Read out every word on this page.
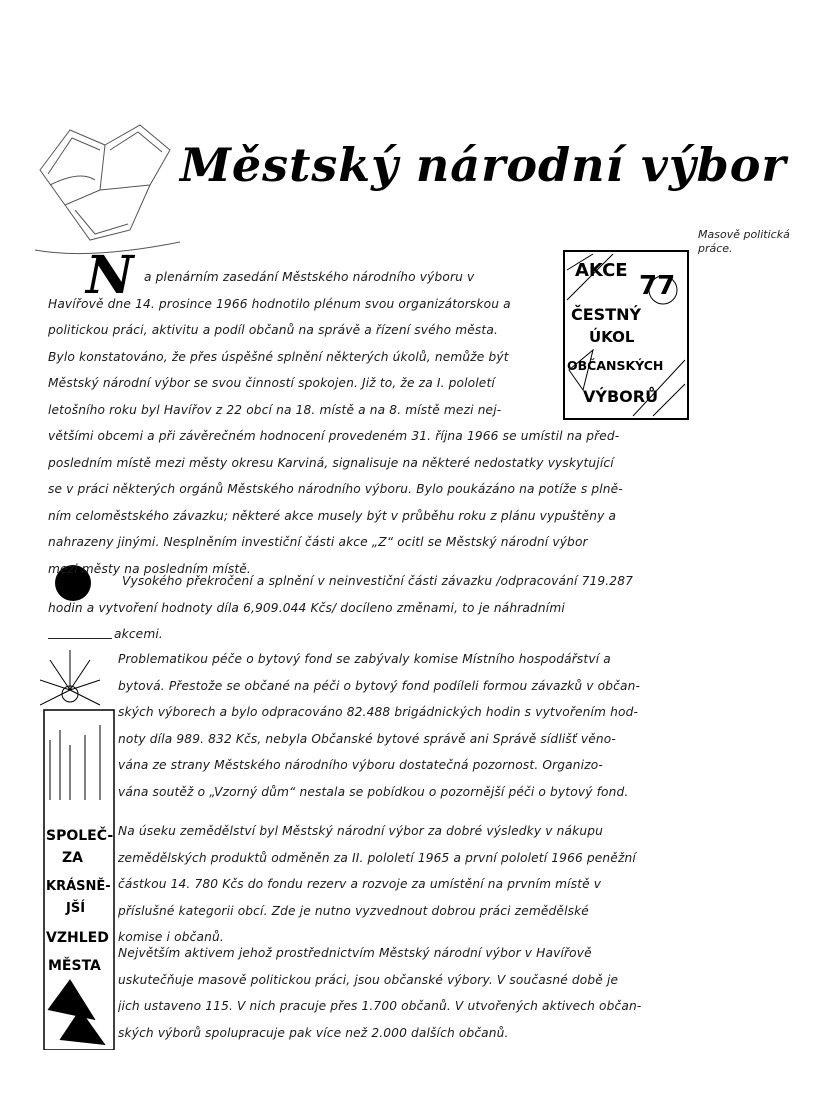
Městský národní výbor
Masově politická práce.
AKCE
77
ČESTNÝ
ÚKOL
OBČANSKÝCH
VÝBORŮ
SPOLEČ-
ZA
KRÁSNĚ-
JŠÍ
VZHLED
MĚSTA
N a plenárním zasedání Městského národního výboru v
Havířově dne 14. prosince 1966 hodnotilo plénum svou organizátorskou a
politickou práci, aktivitu a podíl občanů na správě a řízení svého města.
Bylo konstatováno, že přes úspěšné splnění některých úkolů, nemůže být
Městský národní výbor se svou činností spokojen. Již to, že za I. pololetí
letošního roku byl Havířov z 22 obcí na 18. místě a na 8. místě mezi nej-
většími obcemi a při závěrečném hodnocení provedeném 31. října 1966 se umístil na před-
posledním místě mezi městy okresu Karviná, signalisuje na některé nedostatky vyskytující
se v práci některých orgánů Městského národního výboru. Bylo poukázáno na potíže s plně-
ním celoměstského závazku; některé akce musely být v průběhu roku z plánu vypuštěny a
nahrazeny jinými. Nesplněním investiční části akce „Z“ ocitl se Městský národní výbor
mezi městy na posledním místě.
Vysokého překročení a splnění v neinvestiční části závazku /odpracování 719.287
hodin a vytvoření hodnoty díla 6,909.044 Kčs/ docíleno změnami, to je náhradními
akcemi.
Problematikou péče o bytový fond se zabývaly komise Místního hospodářství a
bytová. Přestože se občané na péči o bytový fond podíleli formou závazků v občan-
ských výborech a bylo odpracováno 82.488 brigádnických hodin s vytvořením hod-
noty díla 989. 832 Kčs, nebyla Občanské bytové správě ani Správě sídlišť věno-
vána ze strany Městského národního výboru dostatečná pozornost. Organizo-
vána soutěž o „Vzorný dům“ nestala se pobídkou o pozornější péči o bytový fond.
Na úseku zemědělství byl Městský národní výbor za dobré výsledky v nákupu
zemědělských produktů odměněn za II. pololetí 1965 a první pololetí 1966 peněžní
částkou 14. 780 Kčs do fondu rezerv a rozvoje za umístění na prvním místě v
příslušné kategorii obcí. Zde je nutno vyzvednout dobrou práci zemědělské
komise i občanů.
Největším aktivem jehož prostřednictvím Městský národní výbor v Havířově
uskutečňuje masově politickou práci, jsou občanské výbory. V současné době je
jich ustaveno 115. V nich pracuje přes 1.700 občanů. V utvořených aktivech občan-
ských výborů spolupracuje pak více než 2.000 dalších občanů.
